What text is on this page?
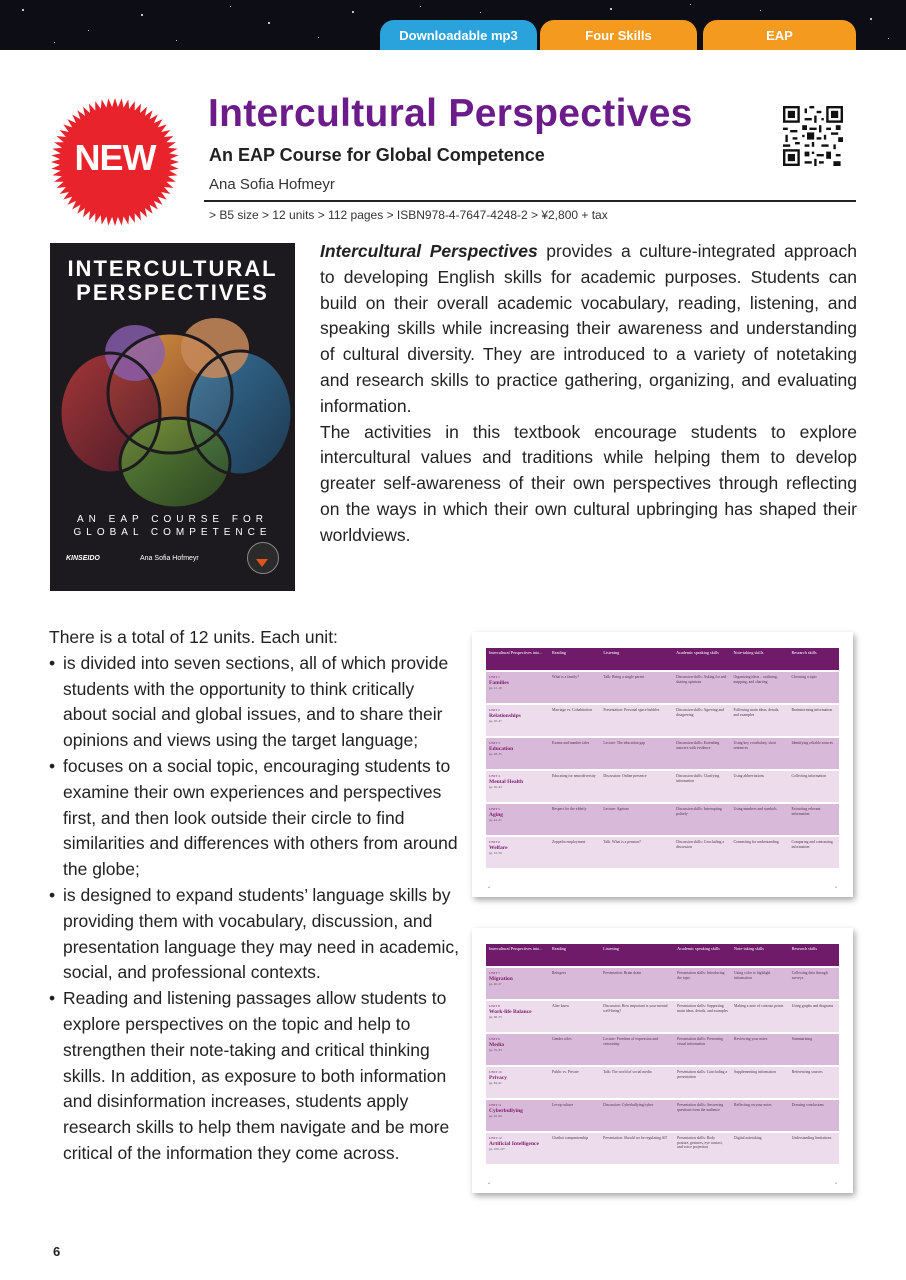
Downloadable mp3	Four Skills	EAP
NEW
Intercultural Perspectives
An EAP Course for Global Competence
Ana Sofia Hofmeyr
> B5 size > 12 units > 112 pages > ISBN978-4-7647-4248-2 > ¥2,800 + tax
INTERCULTURAL
PERSPECTIVES
AN EAP COURSE FOR
GLOBAL COMPETENCE
KINSEIDO	Ana Sofia Hofmeyr

Intercultural Perspectives provides a culture-integrated approach to developing English skills for academic purposes. Students can build on their overall academic vocabulary, reading, listening, and speaking skills while increasing their awareness and understanding of cultural diversity. They are introduced to a variety of notetaking and research skills to practice gathering, organizing, and evaluating information.

The activities in this textbook encourage students to explore intercultural values and traditions while helping them to develop greater self-awareness of their own perspectives through reflecting on the ways in which their own cultural upbringing has shaped their worldviews.

There is a total of 12 units. Each unit:

• is divided into seven sections, all of which provide students with the opportunity to think critically about social and global issues, and to share their opinions and views using the target language;
• focuses on a social topic, encouraging students to examine their own experiences and perspectives first, and then look outside their circle to find similarities and differences with others from around the globe;
• is designed to expand students’ language skills by providing them with vocabulary, discussion, and presentation language they may need in academic, social, and professional contexts.
• Reading and listening passages allow students to explore perspectives on the topic and help to strengthen their note-taking and critical thinking skills. In addition, as exposure to both information and disinformation increases, students apply research skills to help them navigate and be more critical of the information they come across.
Intercultural Perspectives into...	Reading	Listening	Academic speaking skills	Note-taking skills	Research skills

UNIT 1
Families
pp. 12–18	What is a family?	Talk: Being a single parent	Discussion skills: Asking for and sharing opinions	Organizing ideas – outlining, mapping, and charting	Choosing a topic

UNIT 2
Relationships
pp. 20–27	Marriage vs. Cohabitation	Presentation: Personal space bubbles	Discussion skills: Agreeing and disagreeing	Following main ideas, details, and examples	Brainstorming information

UNIT 3
Education
pp. 28–35	Exams and number tales	Lecture: The education gap	Discussion skills: Extending answers with evidence	Using key vocabulary, short sentences	Identifying reliable sources

UNIT 4
Mental Health
pp. 36–43	Educating for neurodiversity	Discussion: Online presence	Discussion skills: Clarifying information	Using abbreviations	Collecting information

UNIT 5
Aging
pp. 44–51	Respect for the elderly	Lecture: Ageism	Discussion skills: Interrupting politely	Using numbers and symbols	Extracting relevant information

UNIT 6
Welfare
pp. 52–59	Zeppelin employment	Talk: What is a pension?	Discussion skills: Concluding a discussion	Connecting for understanding	Comparing and contrasting information
◂	▸
Intercultural Perspectives into...	Reading	Listening	Academic speaking skills	Note-taking skills	Research skills

UNIT 7
Migration
pp. 60–67	Refugees	Presentation: Brain drain	Presentation skills: Introducing the topic	Using color to highlight information	Collecting data through surveys

UNIT 8
Work-life Balance
pp. 68–75	Alter know	Discussion: How important is your mental well-being?	Presentation skills: Supporting main ideas, details, and examples	Making a note of contrast points	Using graphs and diagrams

UNIT 9
Media
pp. 76–83	Gender roles	Lecture: Freedom of expression and censorship	Presentation skills: Presenting visual information	Reviewing your notes	Summarizing

UNIT 10
Privacy
pp. 84–91	Public vs. Private	Talk: The world of social media	Presentation skills: Concluding a presentation	Supplementing information	Referencing sources

UNIT 11
Cyberbullying
pp. 92–99	Levop culture	Discussion: Cyberbullying/cyber	Presentation skills: Answering questions from the audience	Reflecting on your notes	Drawing conclusions

UNIT 12
Artificial Intelligence
pp. 100–107	Chatbot companionship	Presentation: Should we be regulating AI?	Presentation skills: Body posture, gestures, eye contact, and voice projection	Digital notetaking	Understanding limitations
◂	▸
6
